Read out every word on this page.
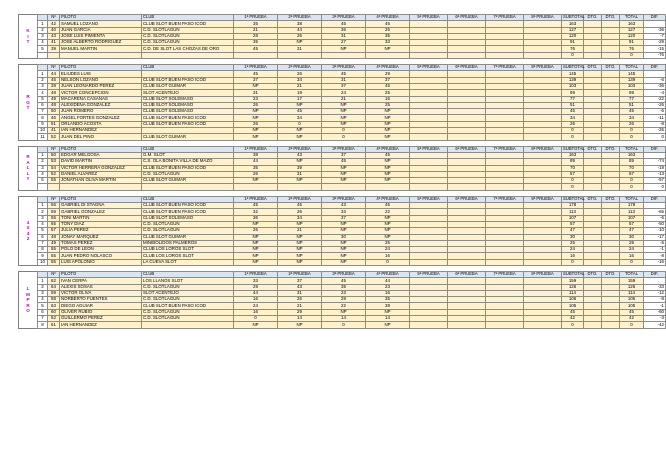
K
I
T
	Nº	PILOTO	CLUB	1ª PRUEBA	2ª PRUEBA	3ª PRUEBA	4ª PRUEBA	5ª PRUEBA	6ª PRUEBA	7ª PRUEBA	8ª PRUEBA	SUBTOTAL	DTO.	DTO.	TOTAL	DIF.
1	42	SAMUEL LOZANO	CLUB SLOT BUEN PASO ICOD	35	38	45	45					163			163	
2	40	JUAN GARCIA	C.D. SLOTLAGUN	21	44	36	26					127			127	-36
3	43	JOSE LUIS PIMIENTA	C.D. SLOTLAGUN	28	26	31	35					120			120	-7
4	41	JOSE ALBERTO RODRIGUEZ	C.D. SLOTLAGUN	35	NP	27	33					91			91	-29
5	39	MANUEL MARTIN	C.D. DE SLOT LAS CHOZAS DE ORO	45	31	NP	NP					76			76	-15
												0			0	-76
R
G
T
	Nº	PILOTO	CLUB	1ª PRUEBA	2ª PRUEBA	3ª PRUEBA	4ª PRUEBA	5ª PRUEBA	6ª PRUEBA	7ª PRUEBA	8ª PRUEBA	SUBTOTAL	DTO.	DTO.	TOTAL	DIF.
1	44	ELIUDES LUIS		45	26	45	29					145			145	
2	45	NELSON LOZANO	CLUB SLOT BUEN PASO ICOD	37	34	31	37					139			139	-6
3	39	JUAN LEONARDO PEREZ	CLUB SLOT GUIMAR	NP	21	37	45					103			103	-36
4	48	VICTOR CONCEPCION	SLOT ACENTEJO	31	19	24	25					99			99	-4
5	49	MACARENA CASANAS	CLUB SLOT SOLEMASO	23	17	21	16					77			77	-22
6	48	ALEXIDENA GONZALEZ	CLUB SLOT SOLEMASO	26	NP	NP	25					51			51	-26
7	50	JUAN ROMERO	CLUB SLOT SOLEMASO	NP	45	NP	NP					45			45	-6
8	46	ANGEL FORTES GONZALEZ	CLUB SLOT BUEN PASO ICOD	NP	34	NP	NP					34			34	-11
9	51	ORLANDO ACOSTA	CLUB SLOT BUEN PASO ICOD	26	0	NP	NP					26			26	-8
10	41	IAN HERNANDEZ		NP	NP	0	NP					0			0	-26
11	52	JUAN DEL PINO	CLUB SLOT GUIMAR	NP	NP	0	NP					0			0	0
R
A
L
L
Y
	Nº	PILOTO	CLUB	1ª PRUEBA	2ª PRUEBA	3ª PRUEBA	4ª PRUEBA	5ª PRUEBA	6ª PRUEBA	7ª PRUEBA	8ª PRUEBA	SUBTOTAL	DTO.	DTO.	TOTAL	DIF.
1	50	EDGAR MELGOSA	G.M. SLOT	38	43	37	45					163			163	
2	53	DAVID MARTIN	C.S. OLA BONITA VILLA DE MAZO	44	NP	45	NP					89			89	-74
3	54	VICTOR HERRERA GONZALEZ	CLUB SLOT BUEN PASO ICOD	35	39	NP	NP					70			70	-19
4	52	DANIEL ALVAREZ	C.D. SLOTLAGUN	26	31	NP	NP					57			57	-13
5	55	JONATHAN OLIVA MARTIN	CLUB SLOT GUIMAR	NP	NP	NP	NP					0			0	-57
												0			0	0
4
X
4
2
	Nº	PILOTO	CLUB	1ª PRUEBA	2ª PRUEBA	3ª PRUEBA	4ª PRUEBA	5ª PRUEBA	6ª PRUEBA	7ª PRUEBA	8ª PRUEBA	SUBTOTAL	DTO.	DTO.	TOTAL	DIF.
1	56	GABRIEL DI STAGNA	CLUB SLOT BUEN PASO ICOD	45	45	43	45					178			178	
2	59	GABRIEL GONZALEZ	CLUB SLOT BUEN PASO ICOD	32	26	33	22					113			113	-65
3	55	TONI MARTIN	CLUB SLOT SOLEMASO	36	34	37	NP					107			107	-6
4	65	TONY DIAZ	C.D. SLOTLAGUN	NP	NP	NP	NP					57			57	-50
5	57	JULIA PEREZ	C.D. SLOTLAGUN	26	21	NP	NP					47			47	-10
6	48	JONAY MARQUEZ	CLUB SLOT GUIMAR	NP	NP	30	NP					30			30	-17
7	49	TOMAS PEREZ	MINIBOLIDOS PALMEROS	NP	NP	NP	25					25			25	-5
8	55	POLO DE LEON	CLUB LOS LOROS SLOT	NP	NP	NP	24					24			24	-1
9	55	JUAN PEDRO NOLASCO	CLUB LOS LOROS SLOT	NP	NP	NP	16					16			16	-8
10	55	LUIS APOLONIO	LA CUEVA SLOT	NP	NP	NP	0					0			0	-16
L
M
P
R
O
	Nº	PILOTO	CLUB	1ª PRUEBA	2ª PRUEBA	3ª PRUEBA	4ª PRUEBA	5ª PRUEBA	6ª PRUEBA	7ª PRUEBA	8ª PRUEBA	SUBTOTAL	DTO.	DTO.	TOTAL	DIF.
1	62	IVAN CERPA	LOS LLANOS SLOT	33	37	45	44					159			159	
2	64	ALEXIS SOSAS	C.D. SLOTLAGUN	29	43	35	23					126			126	-33
3	59	VICTOR OLIVA	SLOT ACENTEJO	44	31	23	16					114			114	-12
4	58	NORBERTO FUENTES	C.D. SLOTLAGUN	16	26	29	35					106			106	-8
5	63	DIEGO AGUIAR	CLUB SLOT BUEN PASO ICOD	24	21	22	38					105			105	-1
6	60	OLIVER RUBIO	C.D. SLOTLAGUN	16	29	NP	NP					45			45	-60
7	52	GUILLERMO PEREZ	C.D. SLOTLAGUN	0	14	14	14					42			42	-3
8	61	IAN HERNANDEZ		NP	NP	0	NP					0			0	-42
